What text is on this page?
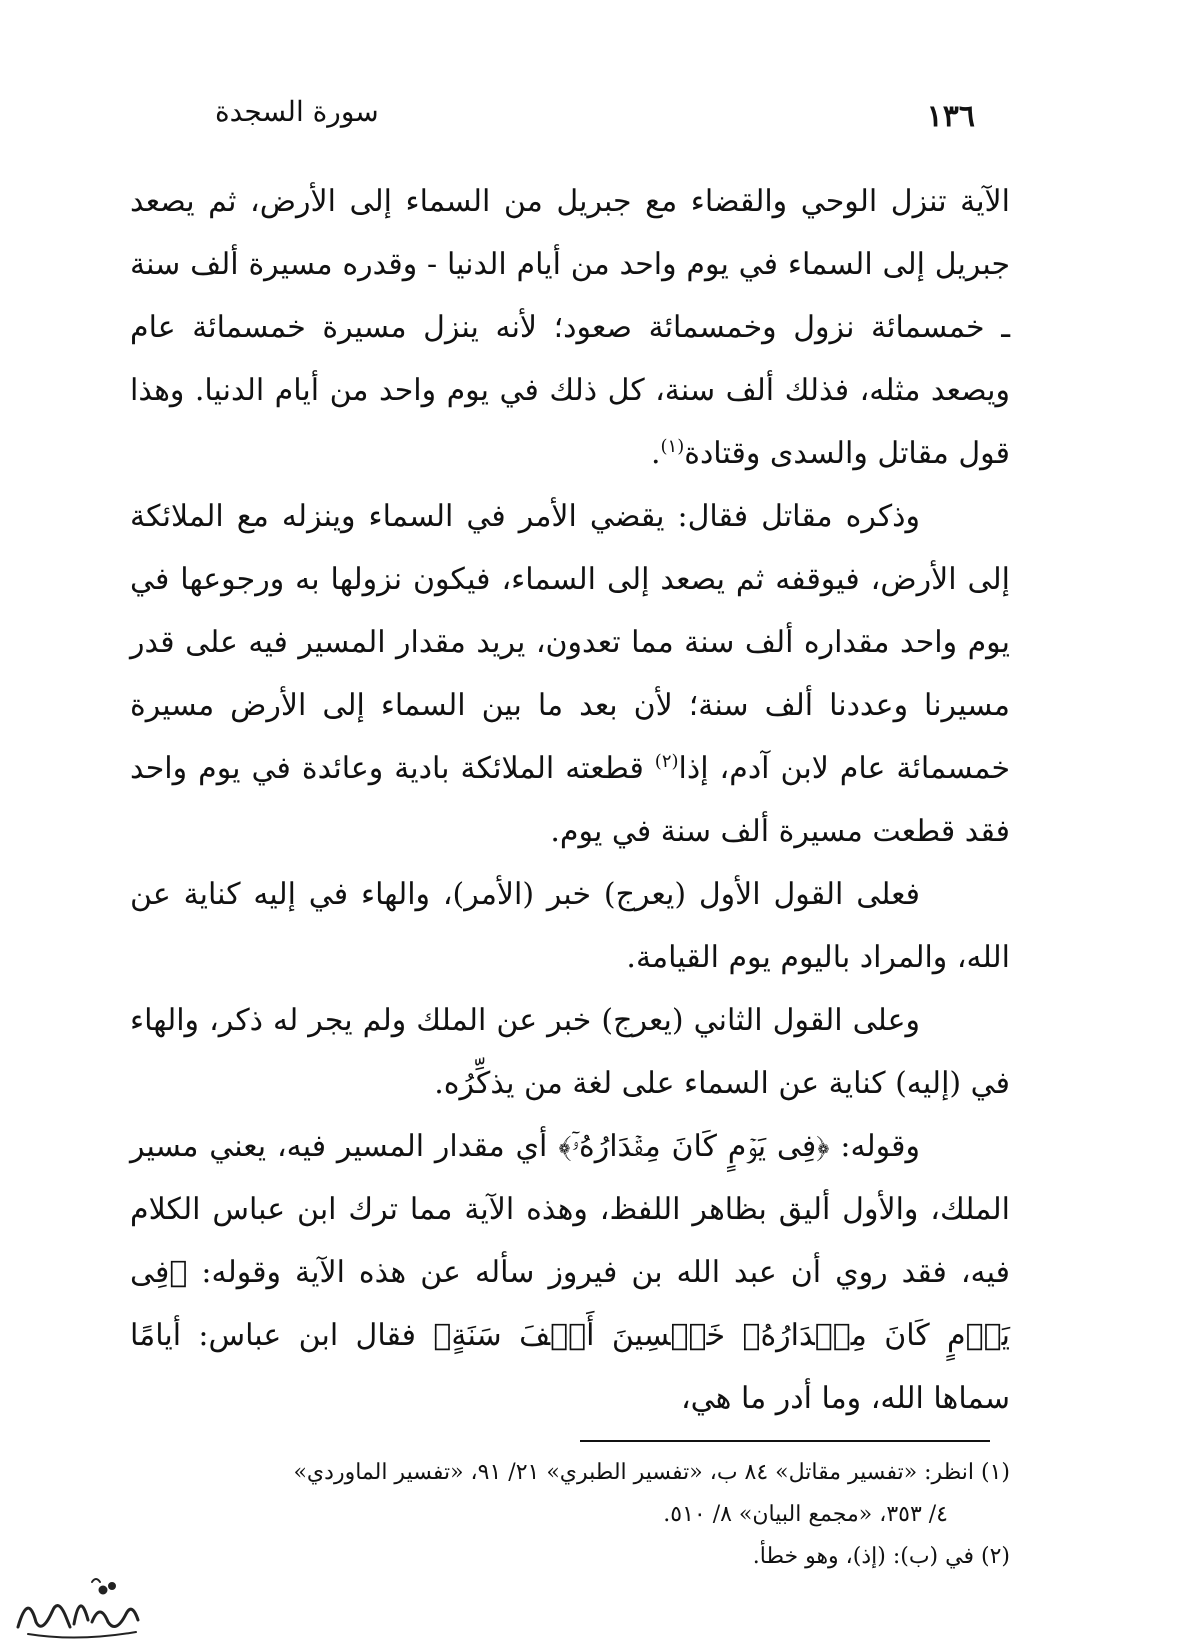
سورة السجدة	١٣٦

الآية تنزل الوحي والقضاء مع جبريل من السماء إلى الأرض، ثم يصعد جبريل إلى السماء في يوم واحد من أيام الدنيا - وقدره مسيرة ألف سنة ـ خمسمائة نزول وخمسمائة صعود؛ لأنه ينزل مسيرة خمسمائة عام ويصعد مثله، فذلك ألف سنة، كل ذلك في يوم واحد من أيام الدنيا. وهذا قول مقاتل والسدى وقتادة$^{(١)}$.

وذكره مقاتل فقال: يقضي الأمر في السماء وينزله مع الملائكة إلى الأرض، فيوقفه ثم يصعد إلى السماء، فيكون نزولها به ورجوعها في يوم واحد مقداره ألف سنة مما تعدون، يريد مقدار المسير فيه على قدر مسيرنا وعددنا ألف سنة؛ لأن بعد ما بين السماء إلى الأرض مسيرة خمسمائة عام لابن آدم، إذا$^{(٢)}$ قطعته الملائكة بادية وعائدة في يوم واحد فقد قطعت مسيرة ألف سنة في يوم.

فعلى القول الأول (يعرج) خبر (الأمر)، والهاء في إليه كناية عن الله، والمراد باليوم يوم القيامة.

وعلى القول الثاني (يعرج) خبر عن الملك ولم يجر له ذكر، والهاء في (إليه) كناية عن السماء على لغة من يذكِّرُه.

وقوله: ﴿فِى يَوۡمٍ كَانَ مِقۡدَارُهُۥٓ﴾ أي مقدار المسير فيه، يعني مسير الملك، والأول أليق بظاهر اللفظ، وهذه الآية مما ترك ابن عباس الكلام فيه، فقد روي أن عبد الله بن فيروز سأله عن هذه الآية وقوله: ﴿فِى يَوۡمٍ كَانَ مِقۡدَارُهُۥ خَمۡسِينَ أَلۡفَ سَنَةٍ﴾ فقال ابن عباس: أيامًا سماها الله، وما أدر ما هي،

(١) انظر: «تفسير مقاتل» ٨٤ ب، «تفسير الطبري» ٢١/ ٩١، «تفسير الماوردي»

٤/ ٣٥٣، «مجمع البيان» ٨/ ٥١٠.

(٢) في (ب): (إذ)، وهو خطأ.
